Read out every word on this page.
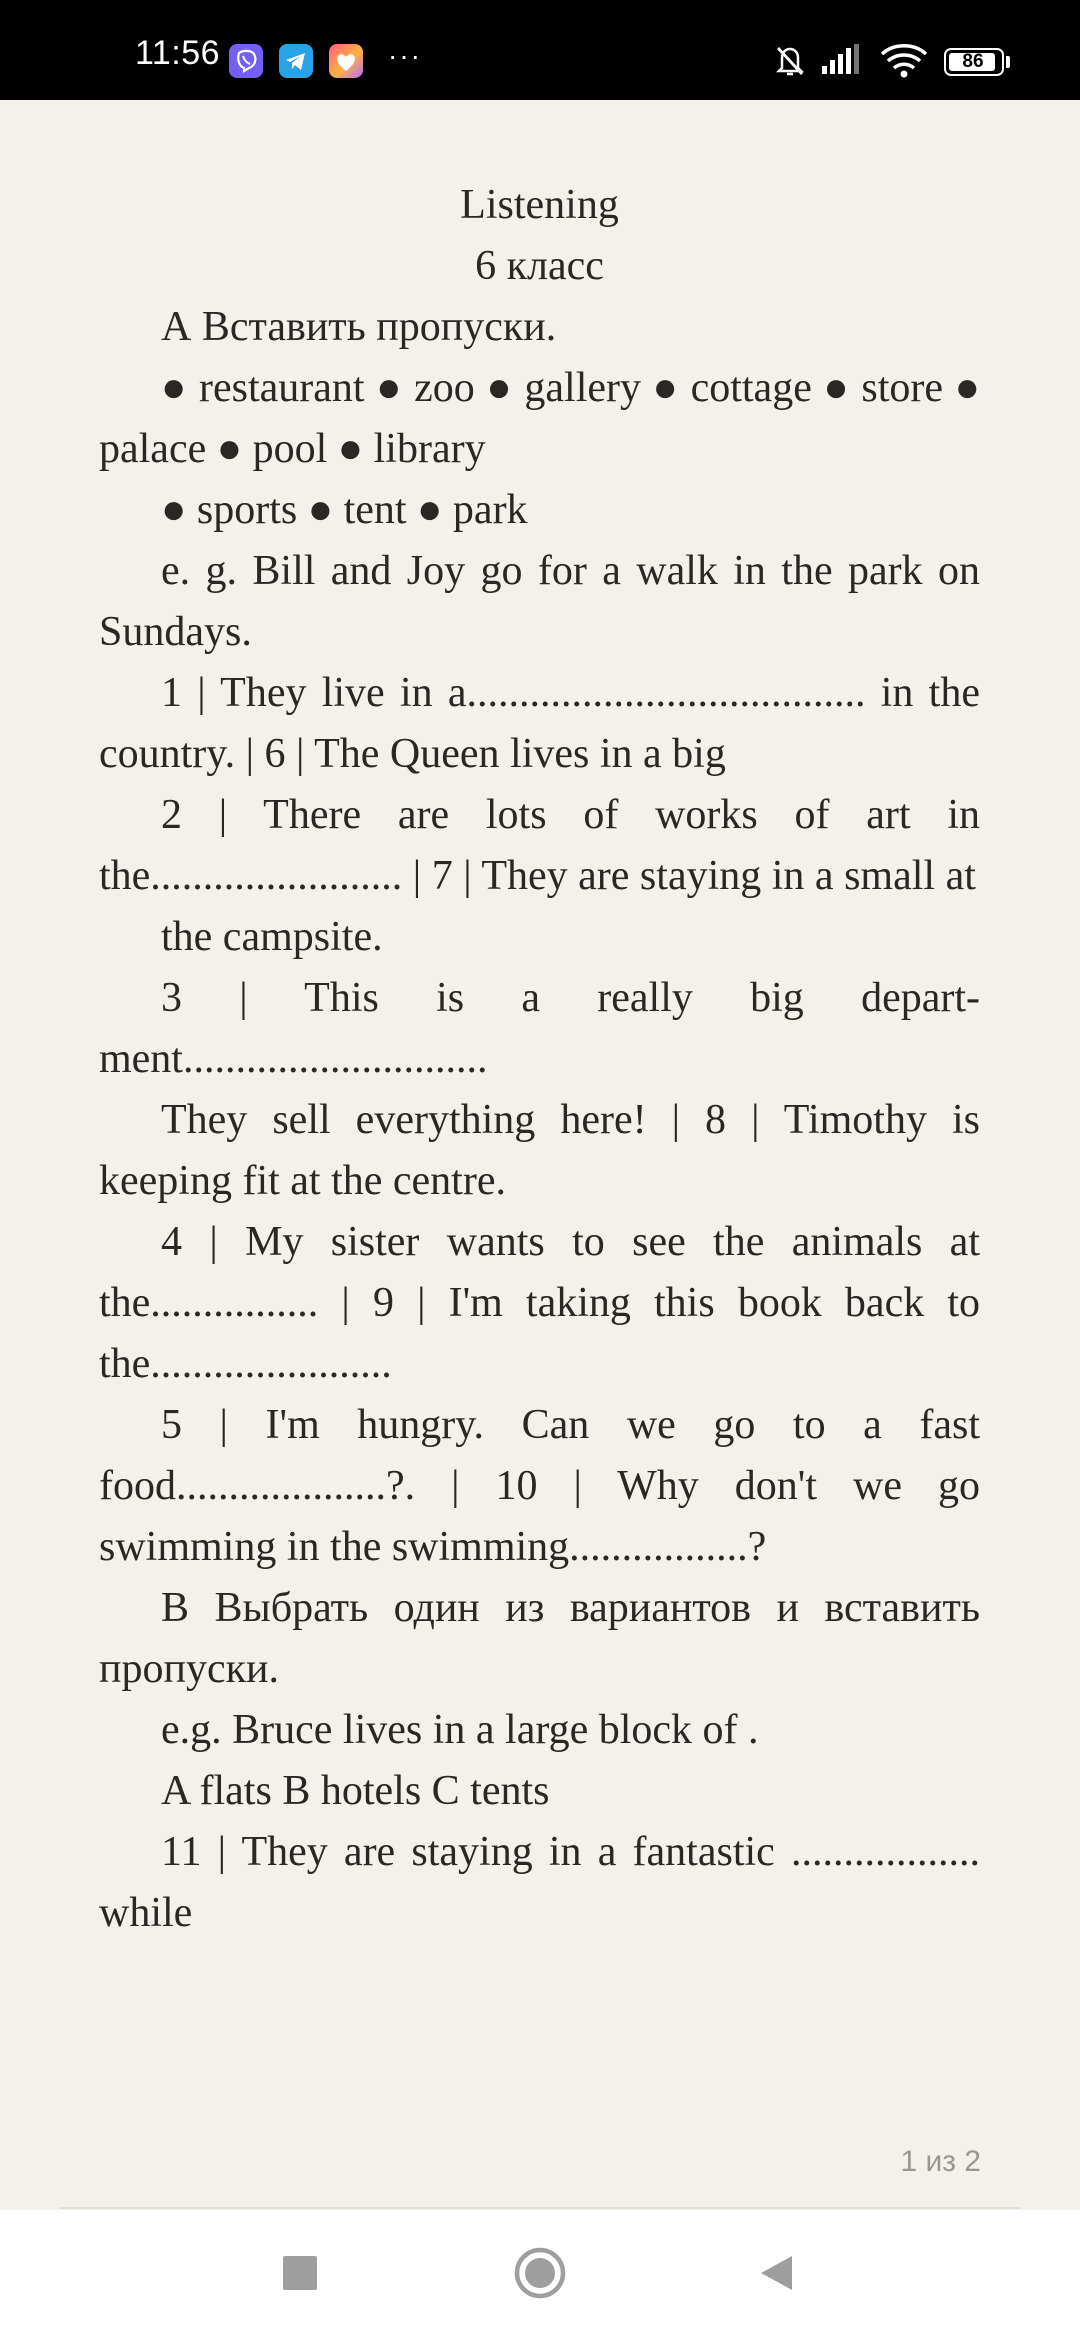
11:56	···	86

Listening

6 класс

А Вставить пропуски.

● restaurant ● zoo ● gallery ● cottage ● store ● palace ● pool ● library

● sports ● tent ● park

e. g. Bill and Joy go for a walk in the park on Sundays.

1 | They live in a...................................... in the country. | 6 | The Queen lives in a big

2 | There are lots of works of art in the........................ | 7 | They are staying in a small at

the campsite.

3 | This is a really big depart- ment.............................

They sell everything here! | 8 | Timothy is keeping fit at the centre.

4 | My sister wants to see the animals at the................ | 9 | I'm taking this book back to the.......................

5 | I'm hungry. Can we go to a fast food....................?. | 10 | Why don't we go swimming in the swimming.................?

В Выбрать один из вариантов и вставить пропуски.

e.g. Bruce lives in a large block of .

A flats B hotels C tents

11 | They are staying in a fantastic .................. while

1 из 2
